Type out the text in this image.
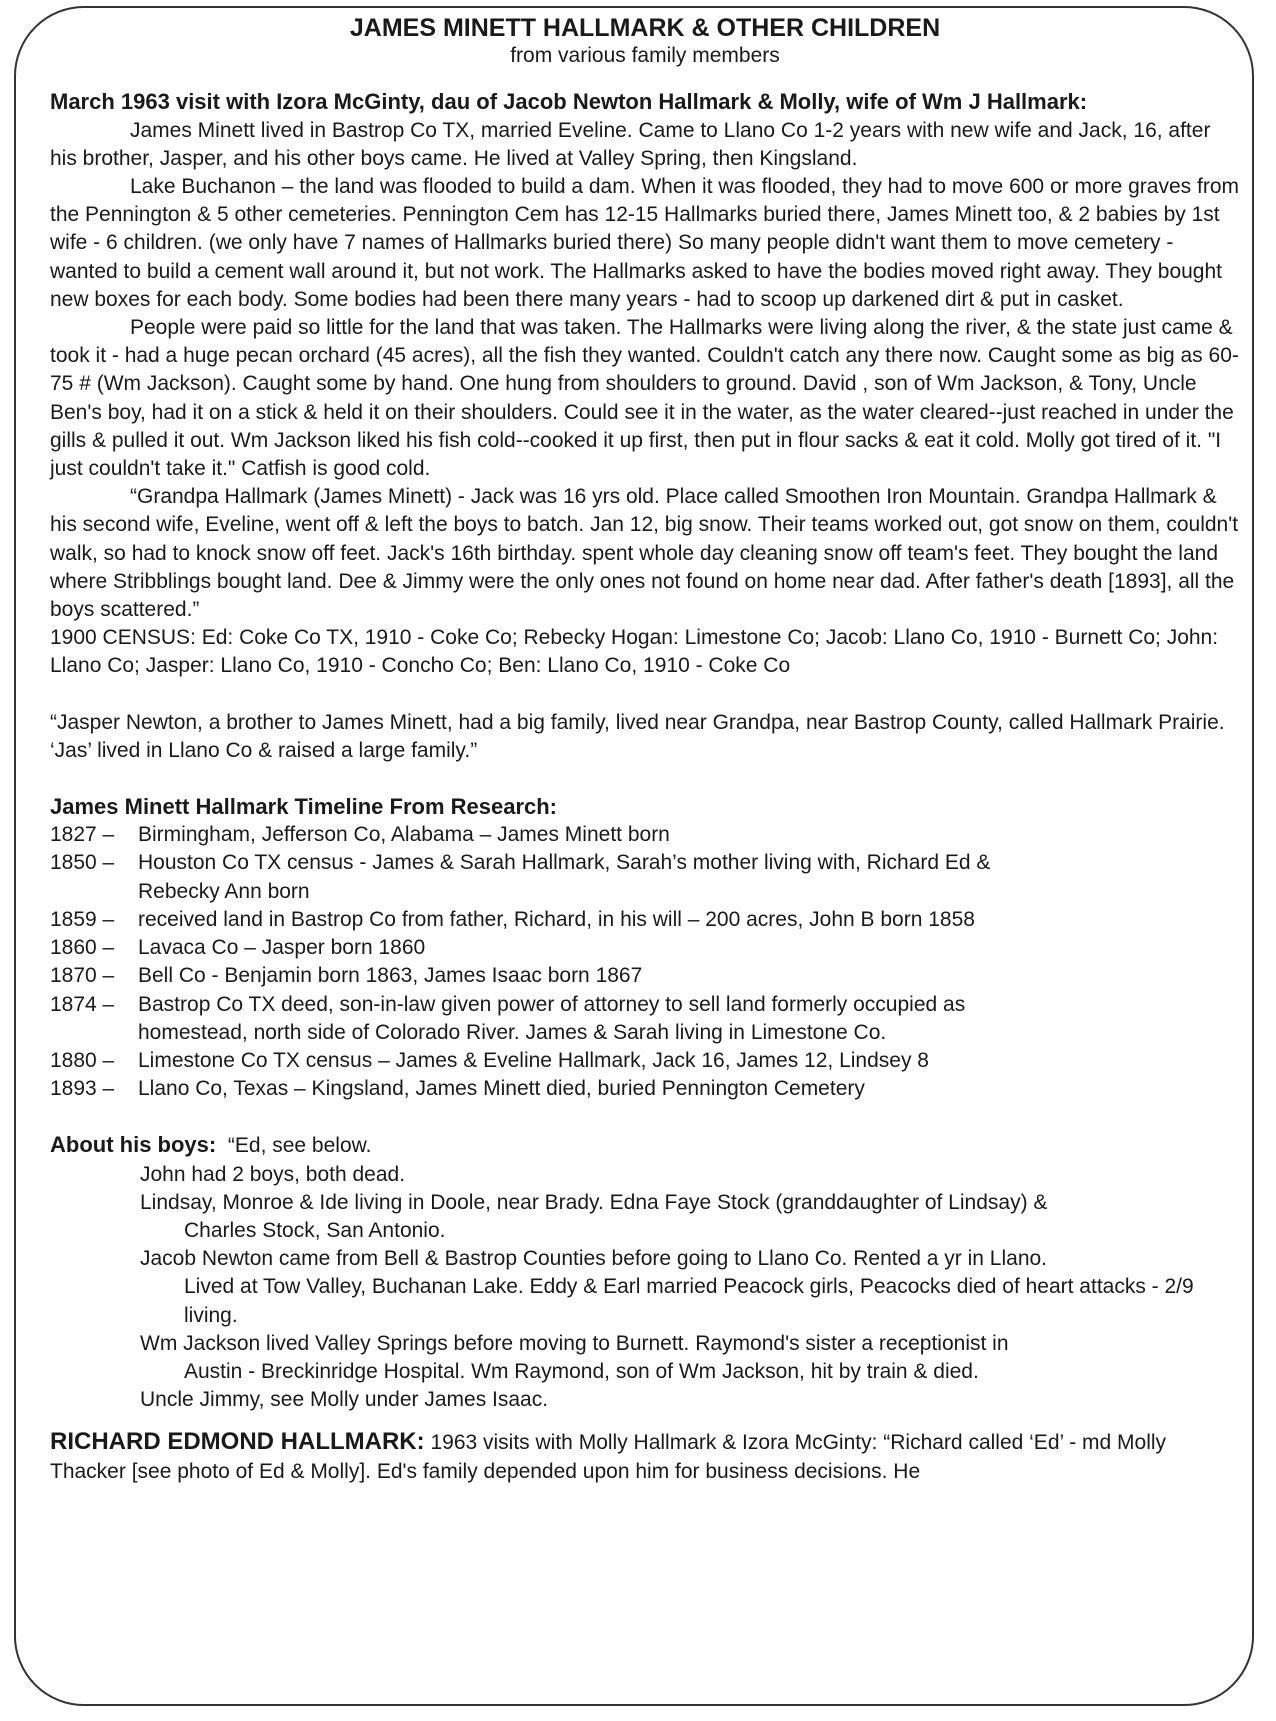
JAMES MINETT HALLMARK & OTHER CHILDREN

from various family members

March 1963 visit with Izora McGinty, dau of Jacob Newton Hallmark & Molly, wife of Wm J Hallmark:

James Minett lived in Bastrop Co TX, married Eveline. Came to Llano Co 1-2 years with new wife and Jack, 16, after his brother, Jasper, and his other boys came. He lived at Valley Spring, then Kingsland.

Lake Buchanon – the land was flooded to build a dam. When it was flooded, they had to move 600 or more graves from the Pennington & 5 other cemeteries. Pennington Cem has 12-15 Hallmarks buried there, James Minett too, & 2 babies by 1st wife - 6 children. (we only have 7 names of Hallmarks buried there) So many people didn't want them to move cemetery - wanted to build a cement wall around it, but not work. The Hallmarks asked to have the bodies moved right away. They bought new boxes for each body. Some bodies had been there many years - had to scoop up darkened dirt & put in casket.

People were paid so little for the land that was taken. The Hallmarks were living along the river, & the state just came & took it - had a huge pecan orchard (45 acres), all the fish they wanted. Couldn't catch any there now. Caught some as big as 60-75 # (Wm Jackson). Caught some by hand. One hung from shoulders to ground. David , son of Wm Jackson, & Tony, Uncle Ben's boy, had it on a stick & held it on their shoulders. Could see it in the water, as the water cleared--just reached in under the gills & pulled it out. Wm Jackson liked his fish cold--cooked it up first, then put in flour sacks & eat it cold. Molly got tired of it. "I just couldn't take it." Catfish is good cold.

“Grandpa Hallmark (James Minett) - Jack was 16 yrs old. Place called Smoothen Iron Mountain. Grandpa Hallmark & his second wife, Eveline, went off & left the boys to batch. Jan 12, big snow. Their teams worked out, got snow on them, couldn't walk, so had to knock snow off feet. Jack's 16th birthday. spent whole day cleaning snow off team's feet. They bought the land where Stribblings bought land. Dee & Jimmy were the only ones not found on home near dad. After father's death [1893], all the boys scattered.”

1900 CENSUS: Ed: Coke Co TX, 1910 - Coke Co; Rebecky Hogan: Limestone Co; Jacob: Llano Co, 1910 - Burnett Co; John: Llano Co; Jasper: Llano Co, 1910 - Concho Co; Ben: Llano Co, 1910 - Coke Co

“Jasper Newton, a brother to James Minett, had a big family, lived near Grandpa, near Bastrop County, called Hallmark Prairie. ‘Jas’ lived in Llano Co & raised a large family.”

James Minett Hallmark Timeline From Research:

1827 –	Birmingham, Jefferson Co, Alabama – James Minett born
1850 –	Houston Co TX census - James & Sarah Hallmark, Sarah’s mother living with, Richard Ed &
Rebecky Ann born
1859 –	received land in Bastrop Co from father, Richard, in his will – 200 acres, John B born 1858
1860 –	Lavaca Co – Jasper born 1860
1870 –	Bell Co - Benjamin born 1863, James Isaac born 1867
1874 –	Bastrop Co TX deed, son-in-law given power of attorney to sell land formerly occupied as
homestead, north side of Colorado River. James & Sarah living in Limestone Co.
1880 –	Limestone Co TX census – James & Eveline Hallmark, Jack 16, James 12, Lindsey 8
1893 –	Llano Co, Texas – Kingsland, James Minett died, buried Pennington Cemetery

About his boys: “Ed, see below.

John had 2 boys, both dead.

Lindsay, Monroe & Ide living in Doole, near Brady. Edna Faye Stock (granddaughter of Lindsay) &
Charles Stock, San Antonio.

Jacob Newton came from Bell & Bastrop Counties before going to Llano Co. Rented a yr in Llano.
Lived at Tow Valley, Buchanan Lake. Eddy & Earl married Peacock girls, Peacocks died of heart attacks - 2/9 living.

Wm Jackson lived Valley Springs before moving to Burnett. Raymond's sister a receptionist in
Austin - Breckinridge Hospital. Wm Raymond, son of Wm Jackson, hit by train & died.

Uncle Jimmy, see Molly under James Isaac.

RICHARD EDMOND HALLMARK: 1963 visits with Molly Hallmark & Izora McGinty: “Richard called ‘Ed’ - md Molly Thacker [see photo of Ed & Molly]. Ed's family depended upon him for business decisions. He
